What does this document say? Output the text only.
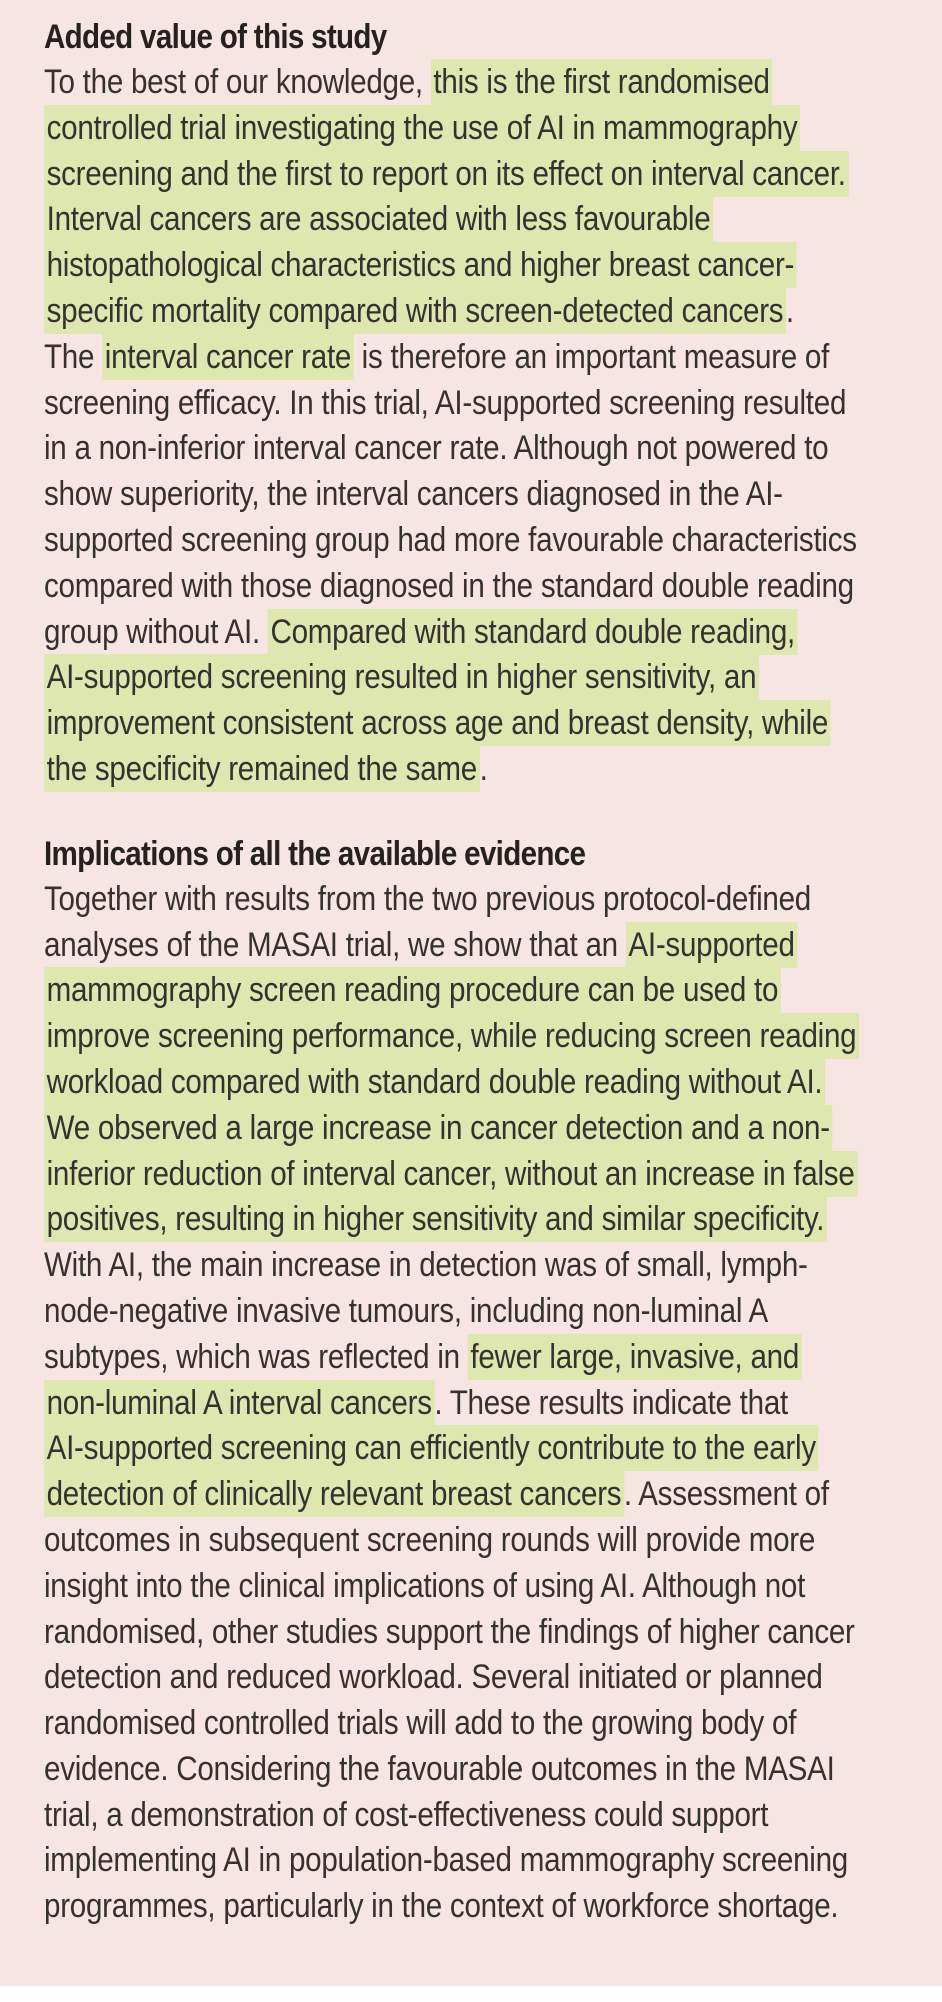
Added value of this study
To the best of our knowledge, this is the first randomised
controlled trial investigating the use of AI in mammography
screening and the first to report on its effect on interval cancer.
Interval cancers are associated with less favourable
histopathological characteristics and higher breast cancer-
specific mortality compared with screen-detected cancers.
The interval cancer rate is therefore an important measure of
screening efficacy. In this trial, AI-supported screening resulted
in a non-inferior interval cancer rate. Although not powered to
show superiority, the interval cancers diagnosed in the AI-
supported screening group had more favourable characteristics
compared with those diagnosed in the standard double reading
group without AI. Compared with standard double reading,
AI-supported screening resulted in higher sensitivity, an
improvement consistent across age and breast density, while
the specificity remained the same.
Implications of all the available evidence
Together with results from the two previous protocol-defined
analyses of the MASAI trial, we show that an AI-supported
mammography screen reading procedure can be used to
improve screening performance, while reducing screen reading
workload compared with standard double reading without AI.
We observed a large increase in cancer detection and a non-
inferior reduction of interval cancer, without an increase in false
positives, resulting in higher sensitivity and similar specificity.
With AI, the main increase in detection was of small, lymph-
node-negative invasive tumours, including non-luminal A
subtypes, which was reflected in fewer large, invasive, and
non-luminal A interval cancers. These results indicate that
AI-supported screening can efficiently contribute to the early
detection of clinically relevant breast cancers. Assessment of
outcomes in subsequent screening rounds will provide more
insight into the clinical implications of using AI. Although not
randomised, other studies support the findings of higher cancer
detection and reduced workload. Several initiated or planned
randomised controlled trials will add to the growing body of
evidence. Considering the favourable outcomes in the MASAI
trial, a demonstration of cost-effectiveness could support
implementing AI in population-based mammography screening
programmes, particularly in the context of workforce shortage.
